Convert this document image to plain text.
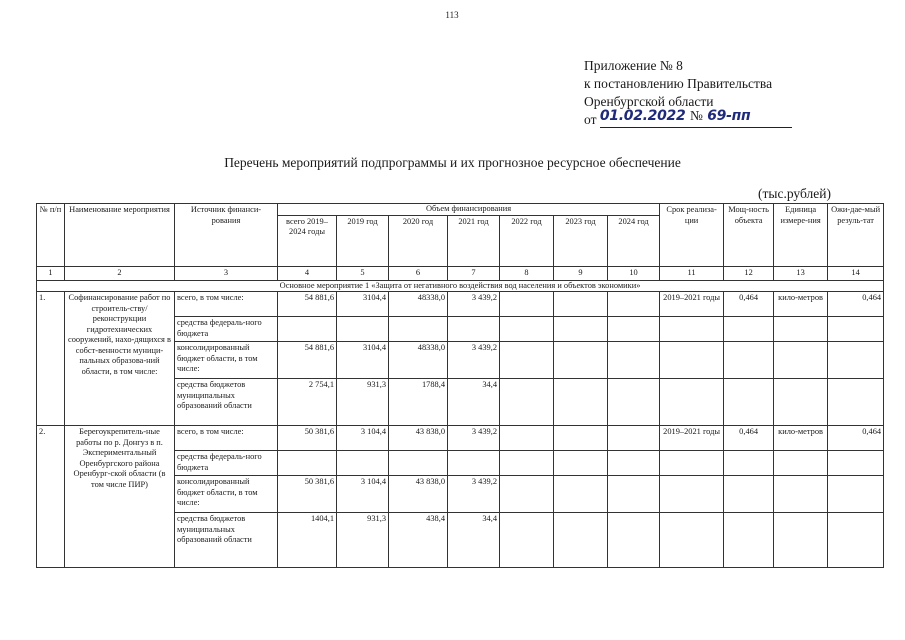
113
Приложение № 8
к постановлению Правительства
Оренбургской области
от 01.02.2022 № 69-пп
Перечень мероприятий подпрограммы и их прогнозное ресурсное обеспечение
(тыс.рублей)
№ п/п	Наименование мероприятия	Источник финанси-рования	Объем финансирования							Срок реализа-ции	Мощ-ность объекта	Единица измере-ния	Ожи-дае-мый резуль-тат
			всего 2019–2024 годы	2019 год	2020 год	2021 год	2022 год	2023 год	2024 год				
1	2	3	4	5	6	7	8	9	10	11	12	13	14
Основное мероприятие 1 «Защита от негативного воздействия вод населения и объектов экономики»													
1.	Софинансирование работ по строитель-ству/реконструкции гидротехнических сооружений, нахо-дящихся в собст-венности муници-пальных образова-ний области, в том числе:	всего, в том числе:	54 881,6	3104,4	48338,0	3 439,2				2019–2021 годы	0,464	кило-метров	0,464
		средства федераль-ного бюджета											
		консолидированный бюджет области, в том числе:	54 881,6	3104,4	48338,0	3 439,2							
		средства бюджетов муниципальных образований области	2 754,1	931,3	1788,4	34,4							
2.	Берегоукрепитель-ные работы по р. Донгуз в п. Экспериментальный Оренбургского района Оренбург-ской области (в том числе ПИР)	всего, в том числе:	50 381,6	3 104,4	43 838,0	3 439,2				2019–2021 годы	0,464	кило-метров	0,464
		средства федераль-ного бюджета											
		консолидированный бюджет области, в том числе:	50 381,6	3 104,4	43 838,0	3 439,2							
		средства бюджетов муниципальных образований области	1404,1	931,3	438,4	34,4							
